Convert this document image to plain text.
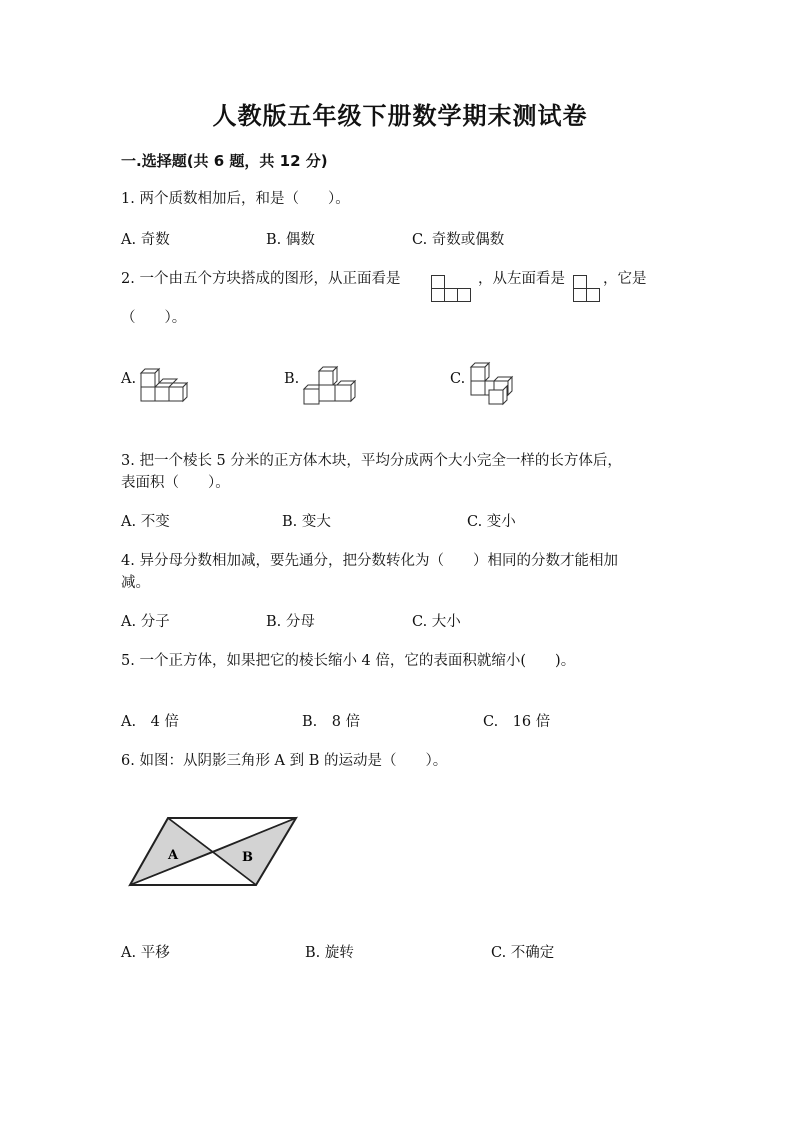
人教版五年级下册数学期末测试卷
一.选择题(共 6 题，共 12 分)
1. 两个质数相加后，和是（　　）。
A. 奇数	B. 偶数	C. 奇数或偶数
2. 一个由五个方块搭成的图形，从正面看是	，从左面看是	，它是
（　　）。
A.	B.	C.
3. 把一个棱长 5 分米的正方体木块，平均分成两个大小完全一样的长方体后，
表面积（　　）。
A. 不变	B. 变大	C. 变小
4. 异分母分数相加减，要先通分，把分数转化为（　　）相同的分数才能相加
减。
A. 分子	B. 分母	C. 大小
5. 一个正方体，如果把它的棱长缩小 4 倍，它的表面积就缩小(　　)。
A.　4 倍	B.　8 倍	C.　16 倍
6. 如图：从阴影三角形 A 到 B 的运动是（　　）。
A	B
A. 平移	B. 旋转	C. 不确定
